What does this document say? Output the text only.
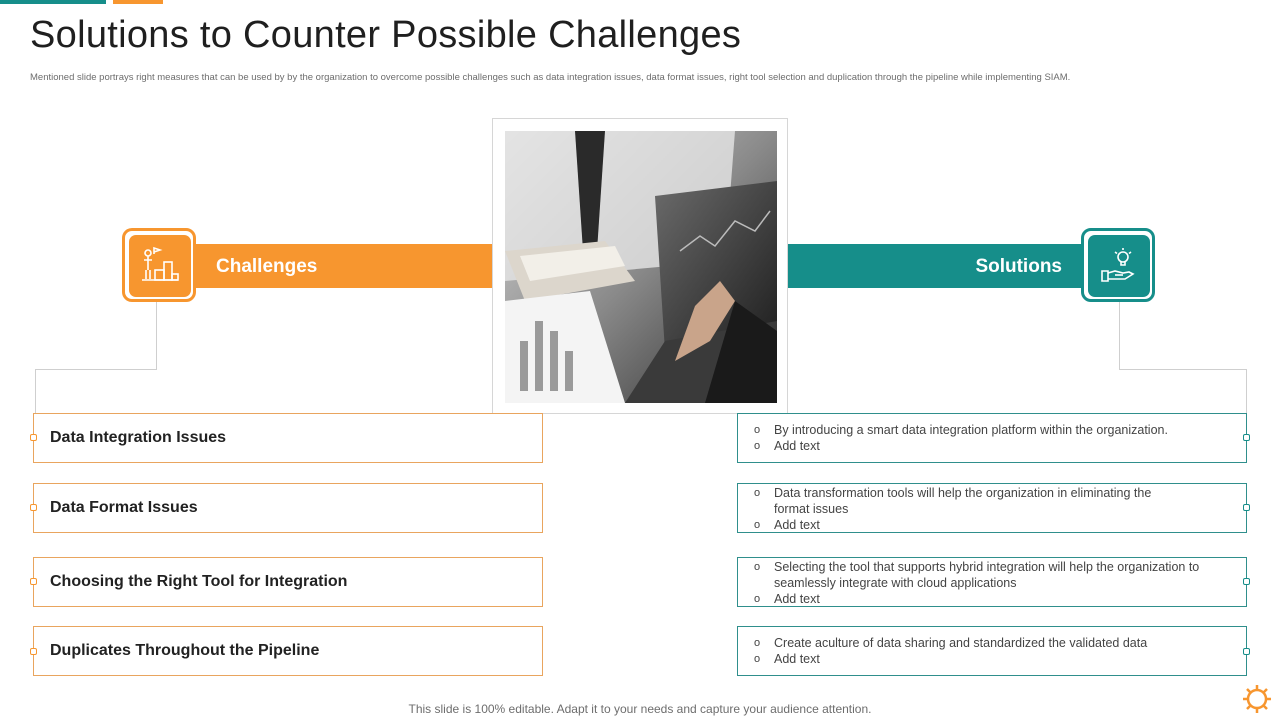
Solutions to Counter Possible Challenges
Mentioned slide portrays right measures that can be used by by the organization to overcome possible challenges such as data integration issues, data format issues, right tool selection and duplication through the pipeline while implementing SIAM.
Challenges	Solutions
Data Integration Issues
Data Format Issues
Choosing the Right Tool for Integration
Duplicates Throughout the Pipeline
o By introducing a smart data integration platform within the organization.
o Add text
o Data transformation tools will help the organization in eliminating the format issues
o Add text
o Selecting the tool that supports hybrid integration will help the organization to seamlessly integrate with cloud applications
o Add text
o Create aculture of data sharing and standardized the validated data
o Add text
This slide is 100% editable. Adapt it to your needs and capture your audience attention.
